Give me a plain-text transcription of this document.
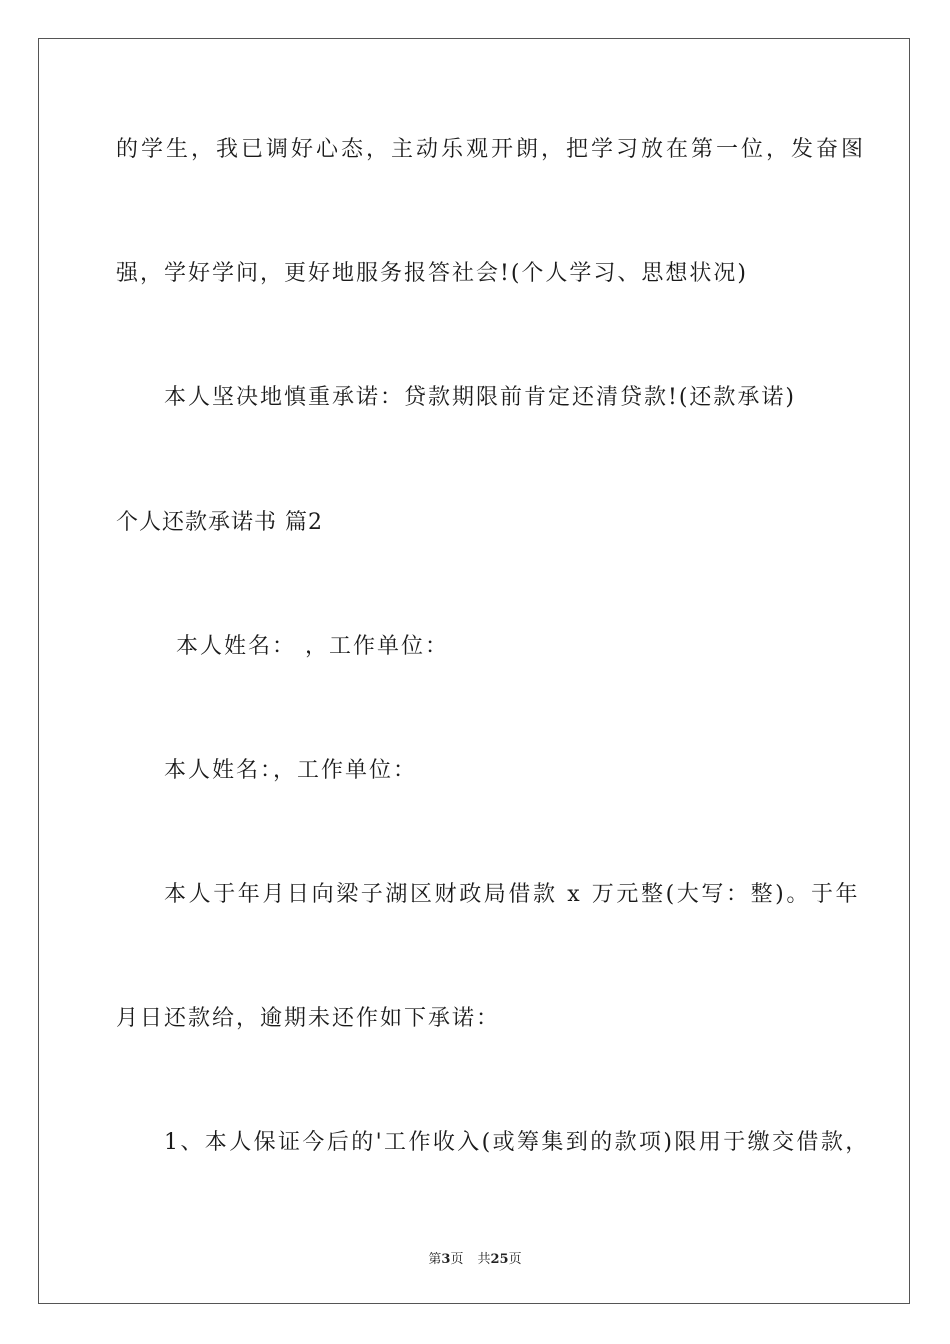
的学生，我已调好心态，主动乐观开朗，把学习放在第一位，发奋图
强，学好学问，更好地服务报答社会!(个人学习、思想状况)
本人坚决地慎重承诺：贷款期限前肯定还清贷款!(还款承诺)
个人还款承诺书 篇2
本人姓名： ，工作单位：
本人姓名：，工作单位：
本人于年月日向梁子湖区财政局借款 x 万元整(大写：整)。于年
月日还款给，逾期未还作如下承诺：
1、本人保证今后的'工作收入(或筹集到的款项)限用于缴交借款，
第3页 共25页
